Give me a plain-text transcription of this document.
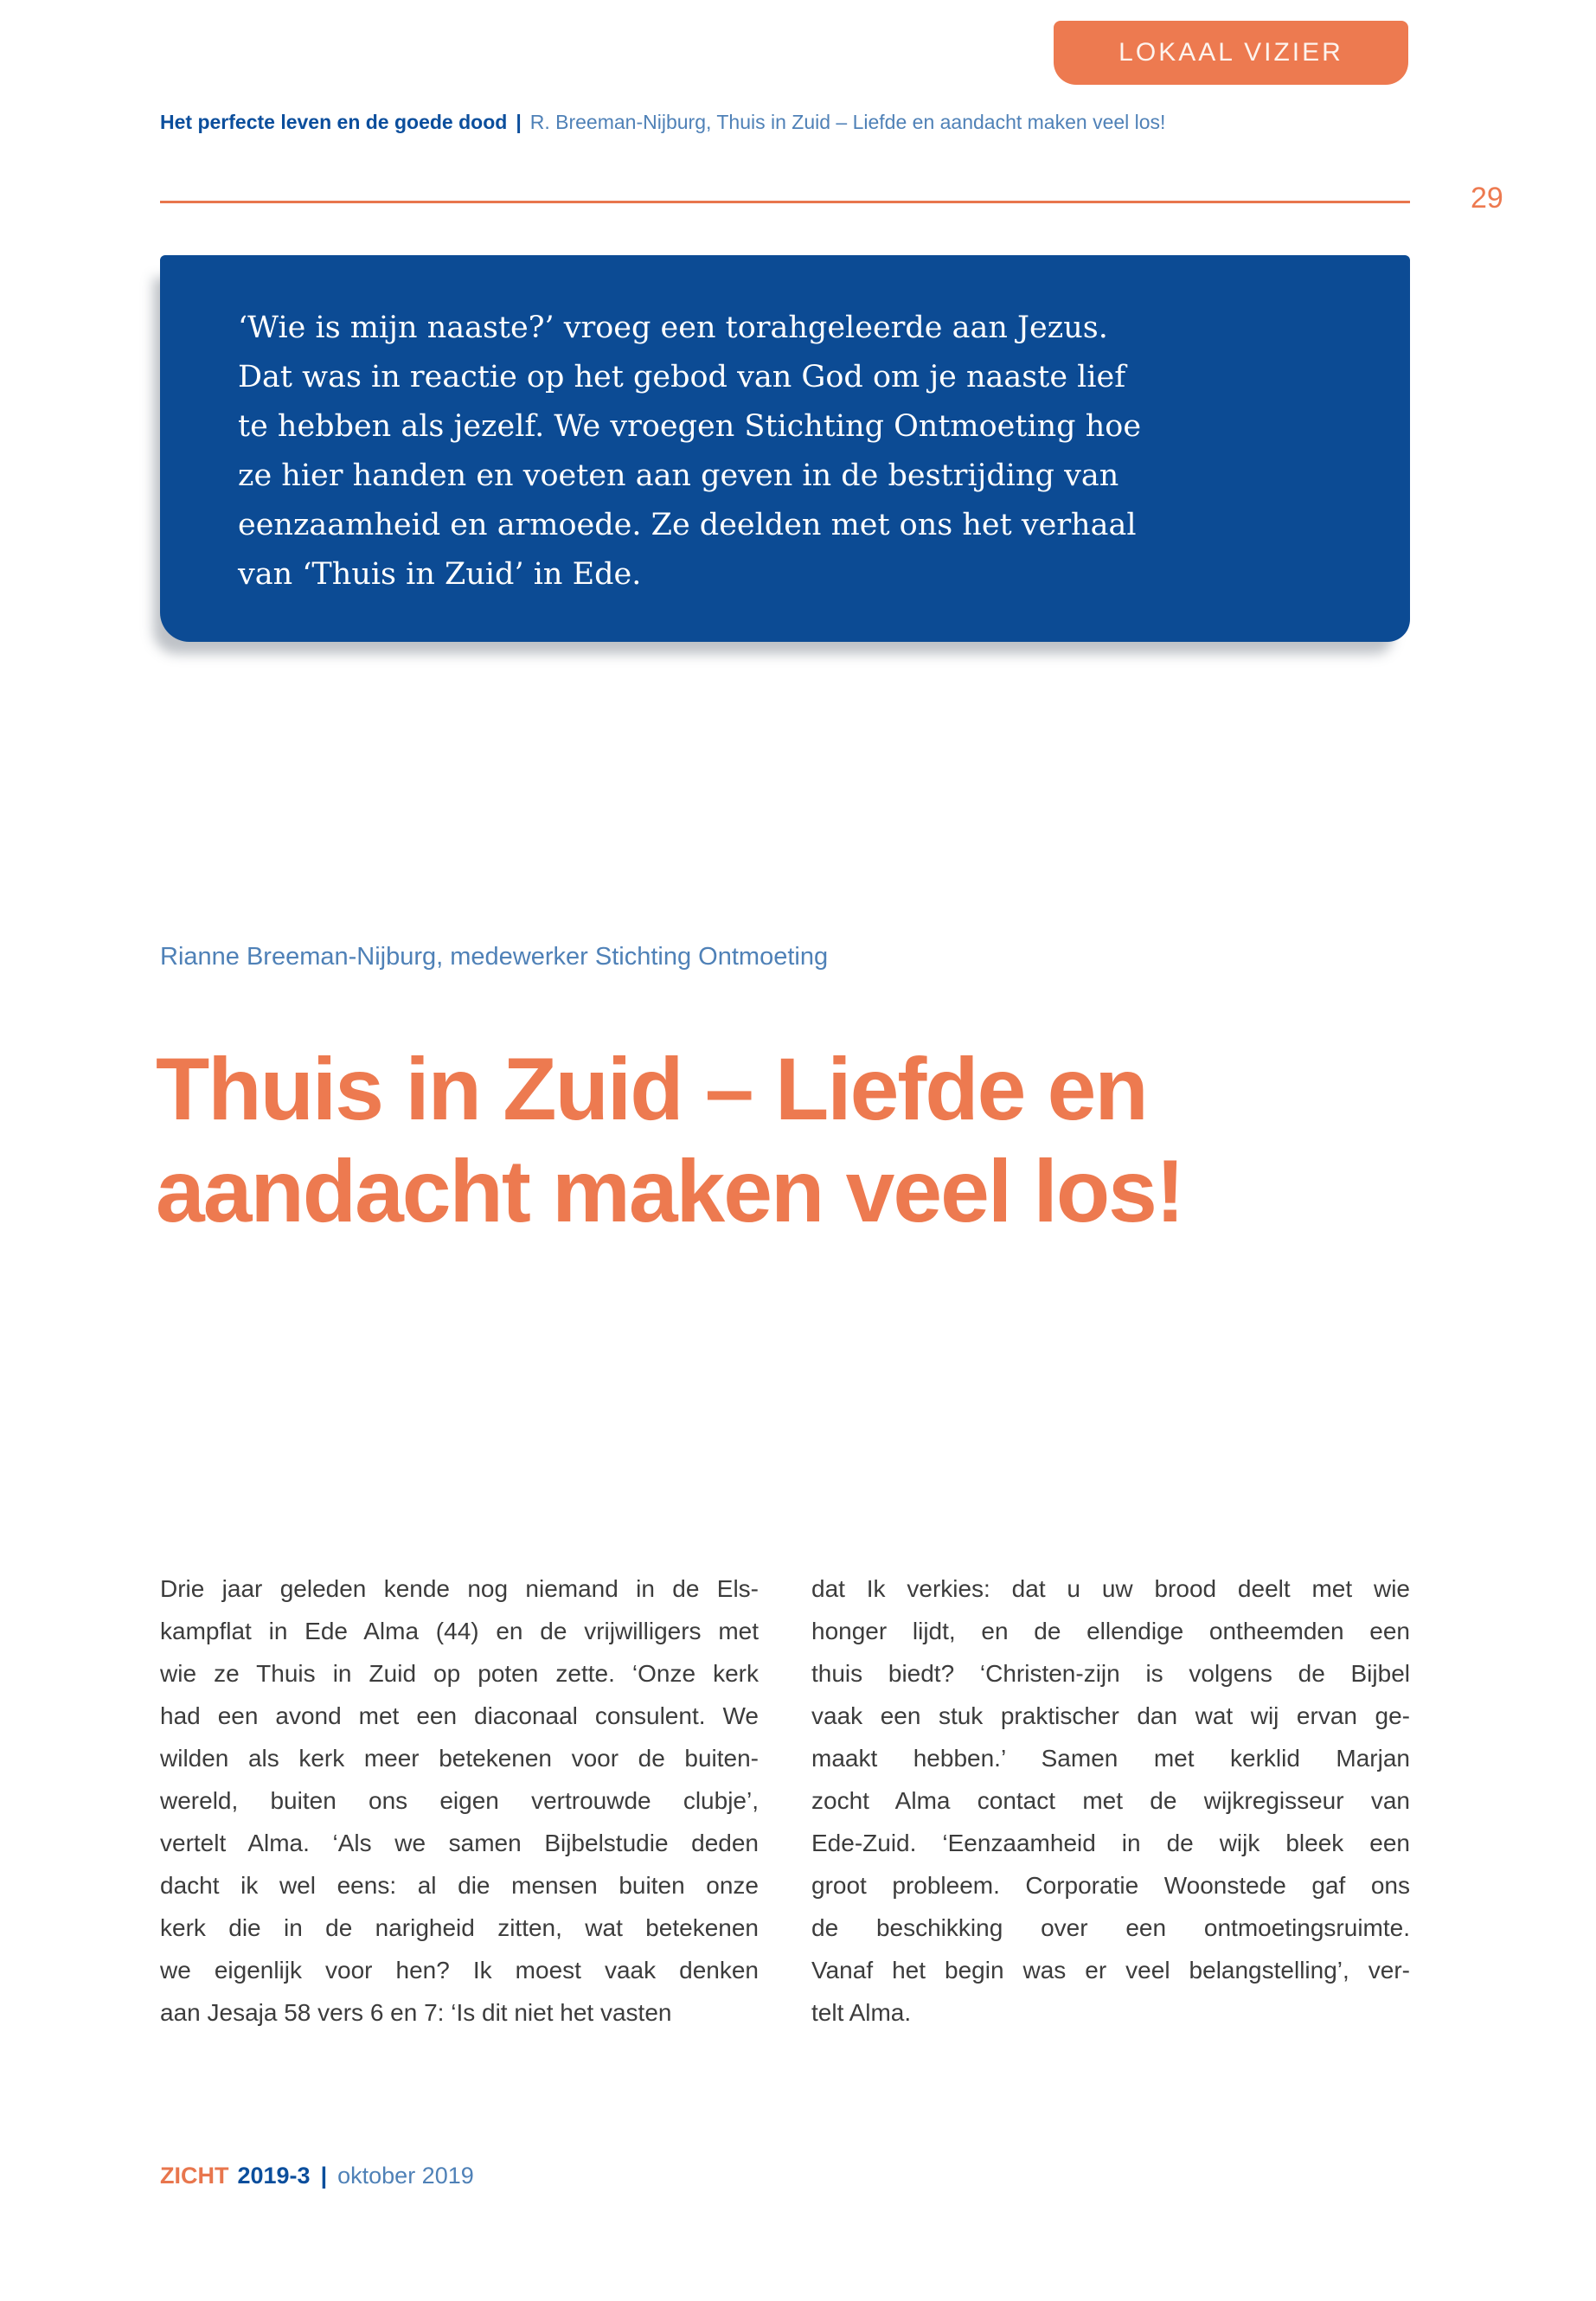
LOKAAL VIZIER
Het perfecte leven en de goede dood | R. Breeman-Nijburg, Thuis in Zuid – Liefde en aandacht maken veel los!
29
‘Wie is mijn naaste?’ vroeg een torahgeleerde aan Jezus.
Dat was in reactie op het gebod van God om je naaste lief
te hebben als jezelf. We vroegen Stichting Ontmoeting hoe
ze hier handen en voeten aan geven in de bestrijding van
eenzaamheid en armoede. Ze deelden met ons het verhaal
van ‘Thuis in Zuid’ in Ede.
Rianne Breeman-Nijburg, medewerker Stichting Ontmoeting
Thuis in Zuid – Liefde en
aandacht maken veel los!
Drie jaar geleden kende nog niemand in de Els-
kampflat in Ede Alma (44) en de vrijwilligers met
wie ze Thuis in Zuid op poten zette. ‘Onze kerk
had een avond met een diaconaal consulent. We
wilden als kerk meer betekenen voor de buiten-
wereld, buiten ons eigen vertrouwde clubje’,
vertelt Alma. ‘Als we samen Bijbelstudie deden
dacht ik wel eens: al die mensen buiten onze
kerk die in de narigheid zitten, wat betekenen
we eigenlijk voor hen? Ik moest vaak denken
aan Jesaja 58 vers 6 en 7: ‘Is dit niet het vasten
dat Ik verkies: dat u uw brood deelt met wie
honger lijdt, en de ellendige ontheemden een
thuis biedt? ‘Christen-zijn is volgens de Bijbel
vaak een stuk praktischer dan wat wij ervan ge-
maakt hebben.’ Samen met kerklid Marjan
zocht Alma contact met de wijkregisseur van
Ede-Zuid. ‘Eenzaamheid in de wijk bleek een
groot probleem. Corporatie Woonstede gaf ons
de beschikking over een ontmoetingsruimte.
Vanaf het begin was er veel belangstelling’, ver-
telt Alma.
ZICHT 2019-3 | oktober 2019
